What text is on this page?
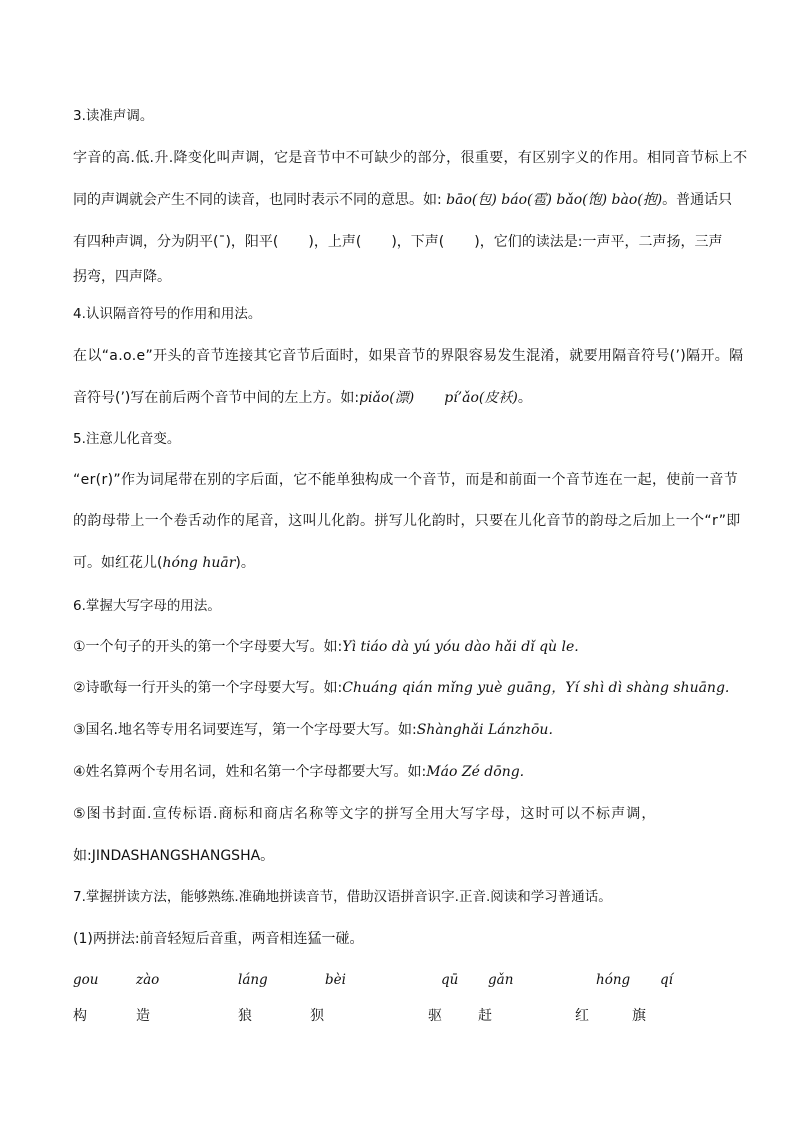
3.读准声调。
字音的高.低.升.降变化叫声调，它是音节中不可缺少的部分，很重要，有区别字义的作用。相同音节标上不
同的声调就会产生不同的读音，也同时表示不同的意思。如: bāo(包) báo(雹) bǎo(饱) bào(抱)。普通话只
有四种声调，分为阴平(ˉ)，阳平( )，上声( )，下声( )，它们的读法是:一声平，二声扬，三声
拐弯，四声降。
4.认识隔音符号的作用和用法。
在以“a.o.e”开头的音节连接其它音节后面时，如果音节的界限容易发生混淆，就要用隔音符号(’)隔开。隔
音符号(’)写在前后两个音节中间的左上方。如:piǎo(漂) pí’ǎo(皮袄)。
5.注意儿化音变。
“er(r)”作为词尾带在别的字后面，它不能单独构成一个音节，而是和前面一个音节连在一起，使前一音节
的韵母带上一个卷舌动作的尾音，这叫儿化韵。拼写儿化韵时，只要在儿化音节的韵母之后加上一个“r”即
可。如红花儿(hóng huār)。
6.掌握大写字母的用法。
①一个句子的开头的第一个字母要大写。如:Yì tiáo dà yú yóu dào hǎi dǐ qù le.
②诗歌每一行开头的第一个字母要大写。如:Chuáng qián mǐng yuè guāng，Yí shì dì shàng shuāng.
③国名.地名等专用名词要连写，第一个字母要大写。如:Shànghǎi Lánzhōu.
④姓名算两个专用名词，姓和名第一个字母都要大写。如:Máo Zé dōng.
⑤图书封面.宣传标语.商标和商店名称等文字的拼写全用大写字母，这时可以不标声调，
如:JINDASHANGSHANGSHA。
7.掌握拼读方法，能够熟练.准确地拼读音节，借助汉语拼音识字.正音.阅读和学习普通话。
(1)两拼法:前音轻短后音重，两音相连猛一碰。
gou	zào	láng	bèi	qū gǎn	hóng qí
构	造	狼	狈	驱	赶	红	旗
